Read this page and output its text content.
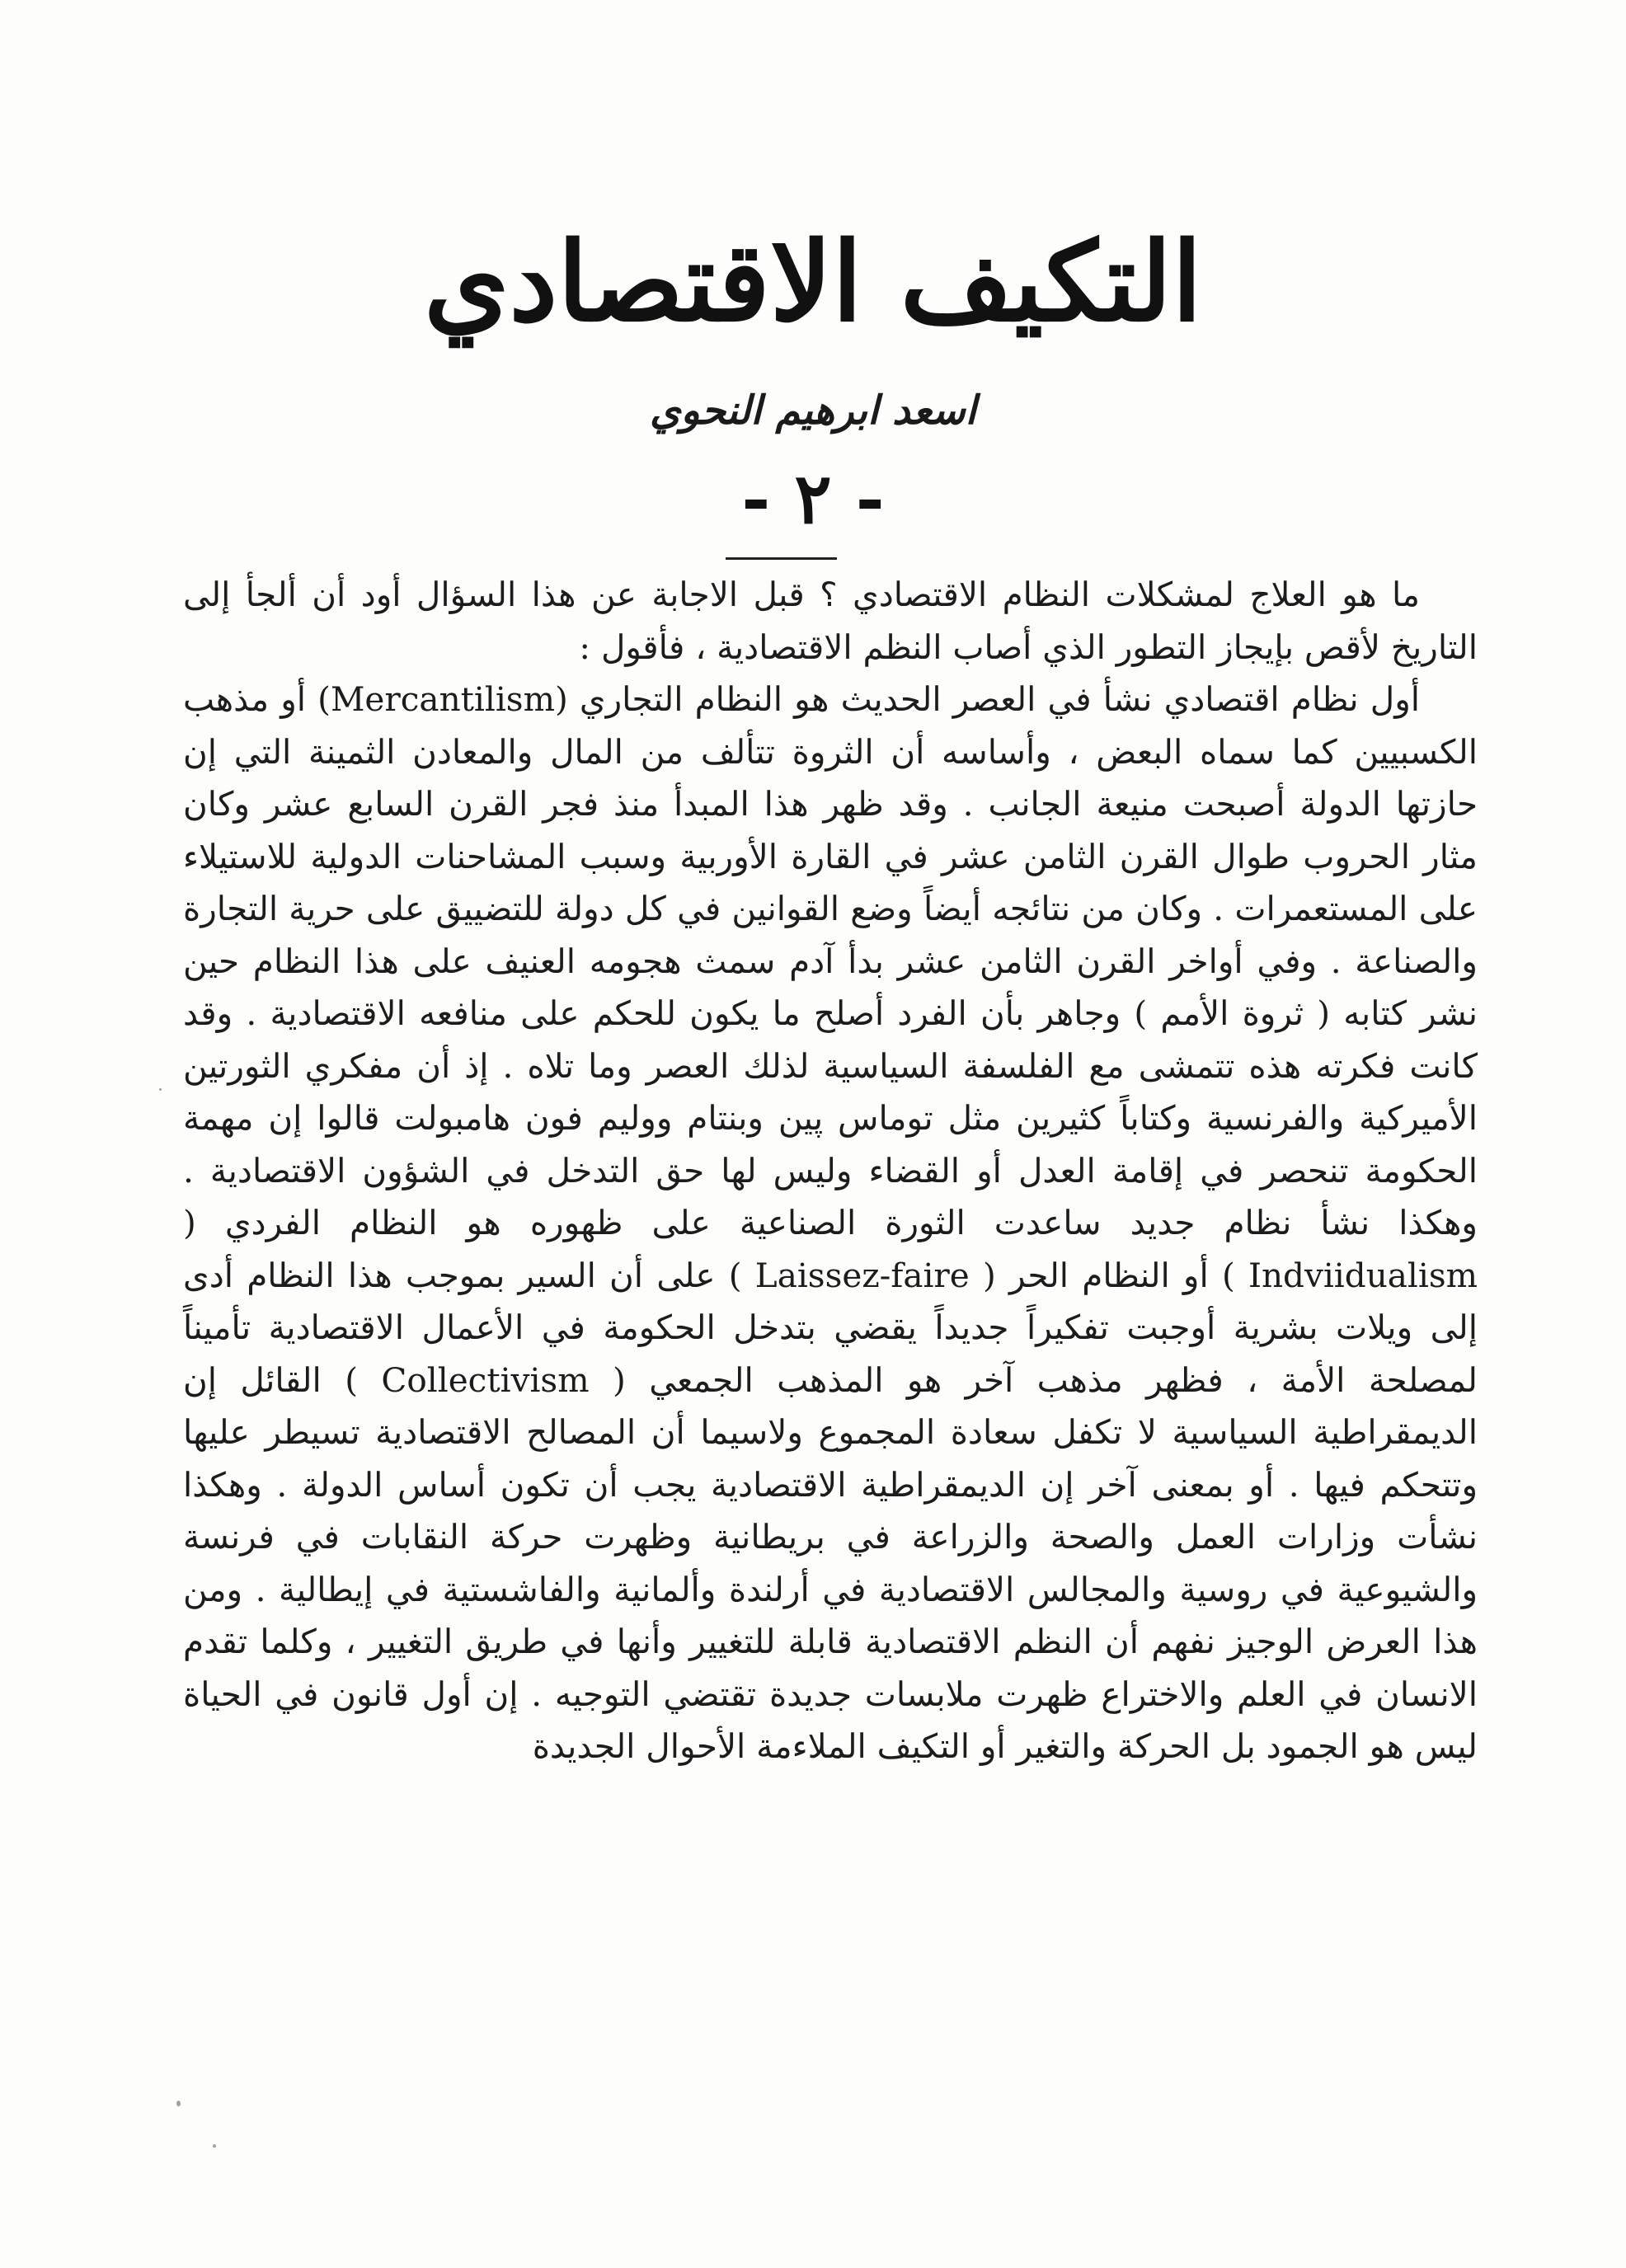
التكيف الاقتصادي
اسعد ابرهيم النحوي
- ٢ -

ما هو العلاج لمشكلات النظام الاقتصادي ؟ قبل الاجابة عن هذا السؤال أود أن ألجأ إلى التاريخ لأقص بإيجاز التطور الذي أصاب النظم الاقتصادية ، فأقول :

أول نظام اقتصادي نشأ في العصر الحديث هو النظام التجاري (Mercantilism) أو مذهب الكسبيين كما سماه البعض ، وأساسه أن الثروة تتألف من المال والمعادن الثمينة التي إن حازتها الدولة أصبحت منيعة الجانب . وقد ظهر هذا المبدأ منذ فجر القرن السابع عشر وكان مثار الحروب طوال القرن الثامن عشر في القارة الأوربية وسبب المشاحنات الدولية للاستيلاء على المستعمرات . وكان من نتائجه أيضاً وضع القوانين في كل دولة للتضييق على حرية التجارة والصناعة . وفي أواخر القرن الثامن عشر بدأ آدم سمث هجومه العنيف على هذا النظام حين نشر كتابه ( ثروة الأمم ) وجاهر بأن الفرد أصلح ما يكون للحكم على منافعه الاقتصادية . وقد كانت فكرته هذه تتمشى مع الفلسفة السياسية لذلك العصر وما تلاه . إذ أن مفكري الثورتين الأميركية والفرنسية وكتاباً كثيرين مثل توماس پين وبنتام ووليم فون هامبولت قالوا إن مهمة الحكومة تنحصر في إقامة العدل أو القضاء وليس لها حق التدخل في الشؤون الاقتصادية . وهكذا نشأ نظام جديد ساعدت الثورة الصناعية على ظهوره هو النظام الفردي ( Indviidualism ) أو النظام الحر ( Laissez-faire ) على أن السير بموجب هذا النظام أدى إلى ويلات بشرية أوجبت تفكيراً جديداً يقضي بتدخل الحكومة في الأعمال الاقتصادية تأميناً لمصلحة الأمة ، فظهر مذهب آخر هو المذهب الجمعي ( Collectivism ) القائل إن الديمقراطية السياسية لا تكفل سعادة المجموع ولاسيما أن المصالح الاقتصادية تسيطر عليها وتتحكم فيها . أو بمعنى آخر إن الديمقراطية الاقتصادية يجب أن تكون أساس الدولة . وهكذا نشأت وزارات العمل والصحة والزراعة في بريطانية وظهرت حركة النقابات في فرنسة والشيوعية في روسية والمجالس الاقتصادية في أرلندة وألمانية والفاشستية في إيطالية . ومن هذا العرض الوجيز نفهم أن النظم الاقتصادية قابلة للتغيير وأنها في طريق التغيير ، وكلما تقدم الانسان في العلم والاختراع ظهرت ملابسات جديدة تقتضي التوجيه . إن أول قانون في الحياة ليس هو الجمود بل الحركة والتغير أو التكيف الملاءمة الأحوال الجديدة
